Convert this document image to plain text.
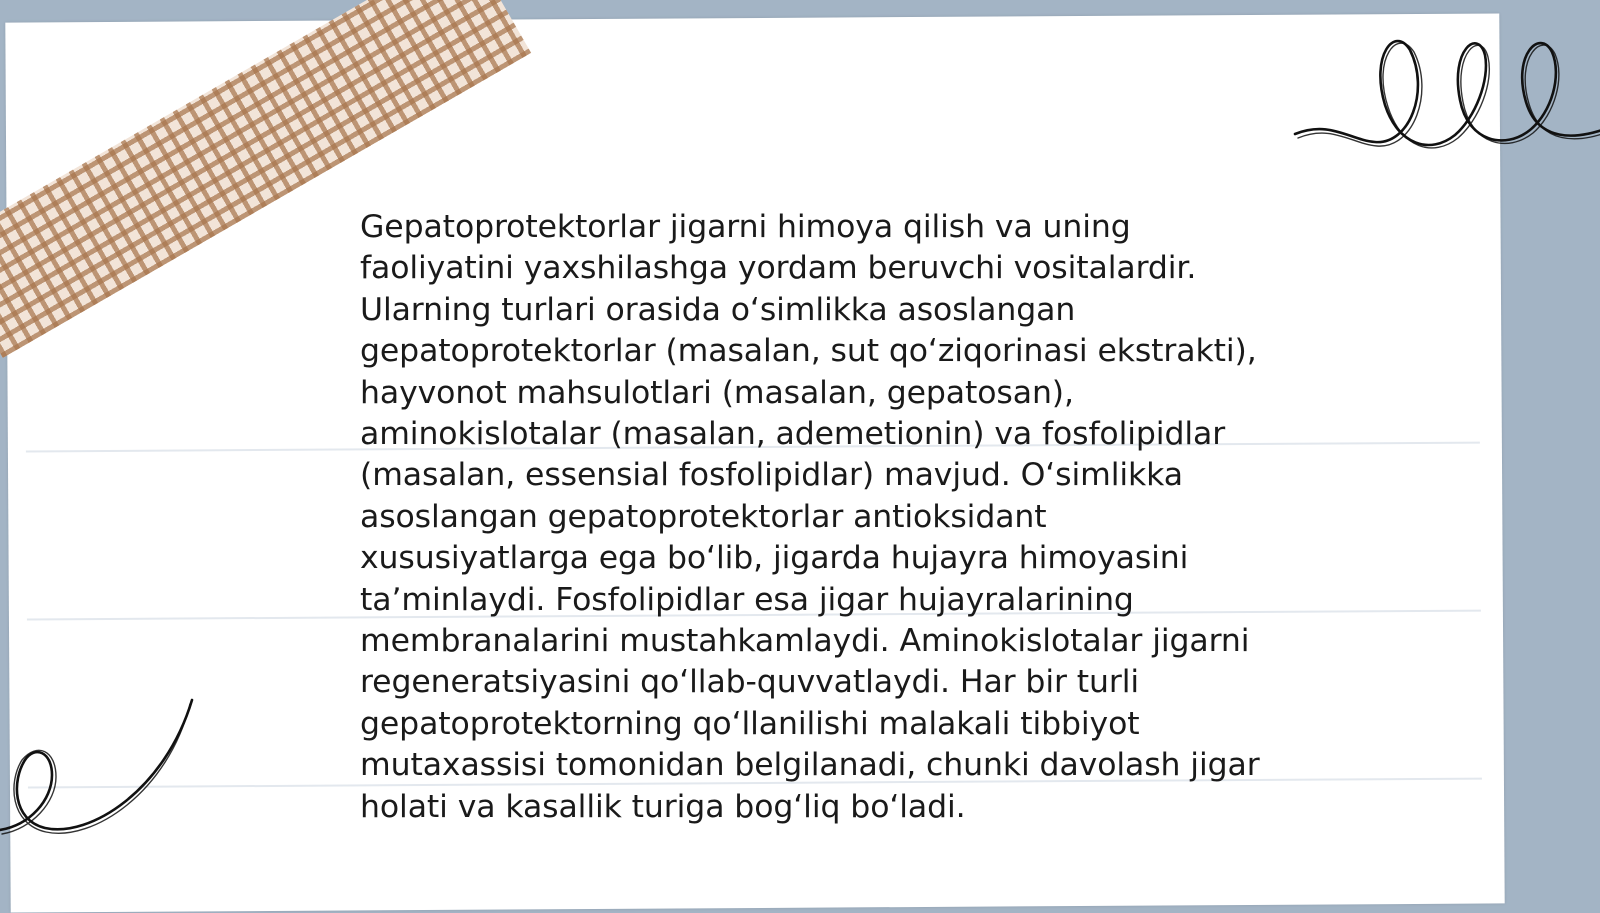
Gepatoprotektorlar jigarni himoya qilish va uning faoliyatini yaxshilashga yordam beruvchi vositalardir. Ularning turlari orasida o‘simlikka asoslangan gepatoprotektorlar (masalan, sut qo‘ziqorinasi ekstrakti), hayvonot mahsulotlari (masalan, gepatosan), aminokislotalar (masalan, ademetionin) va fosfolipidlar (masalan, essensial fosfolipidlar) mavjud. O‘simlikka asoslangan gepatoprotektorlar antioksidant xususiyatlarga ega bo‘lib, jigarda hujayra himoyasini ta’minlaydi. Fosfolipidlar esa jigar hujayralarining membranalarini mustahkamlaydi. Aminokislotalar jigarni regeneratsiyasini qo‘llab-quvvatlaydi. Har bir turli gepatoprotektorning qo‘llanilishi malakali tibbiyot mutaxassisi tomonidan belgilanadi, chunki davolash jigar holati va kasallik turiga bog‘liq bo‘ladi.
